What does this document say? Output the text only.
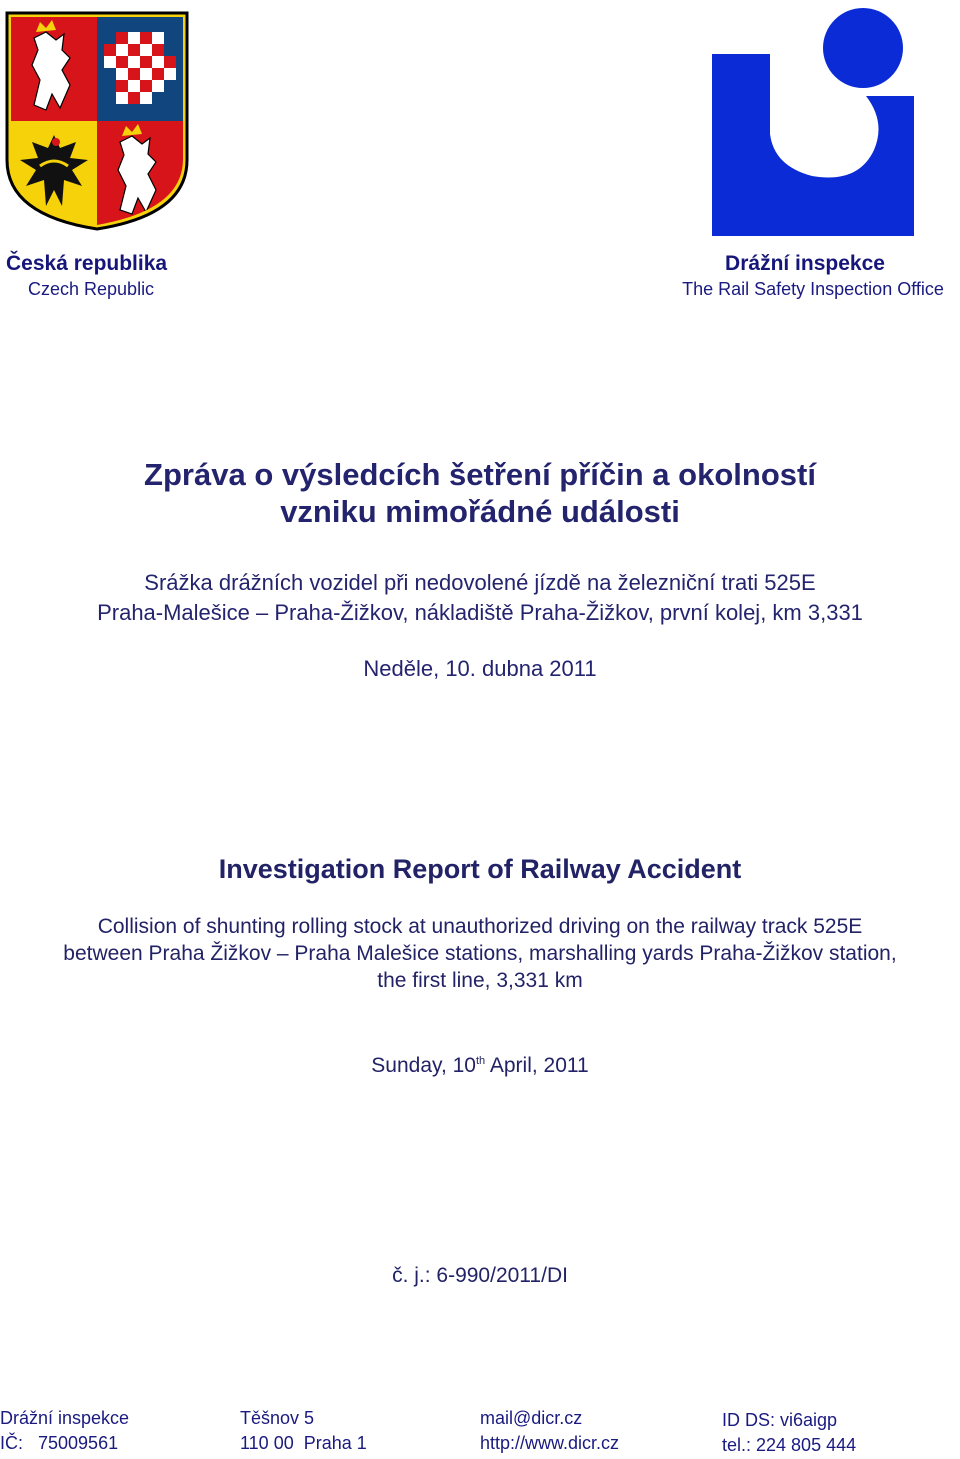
Česká republika
Czech Republic
Drážní inspekce
The Rail Safety Inspection Office
Zpráva o výsledcích šetření příčin a okolností
vzniku mimořádné události
Srážka drážních vozidel při nedovolené jízdě na železniční trati 525E
Praha-Malešice – Praha-Žižkov, nákladiště Praha-Žižkov, první kolej, km 3,331
Neděle, 10. dubna 2011
Investigation Report of Railway Accident
Collision of shunting rolling stock at unauthorized driving on the railway track 525E
between Praha Žižkov – Praha Malešice stations, marshalling yards Praha-Žižkov station,
the first line, 3,331 km
Sunday, 10th April, 2011
č. j.: 6-990/2011/DI
Drážní inspekce
IČ:   75009561
Těšnov 5
110 00  Praha 1
mail@dicr.cz
http://www.dicr.cz
ID DS: vi6aigp
tel.: 224 805 444
